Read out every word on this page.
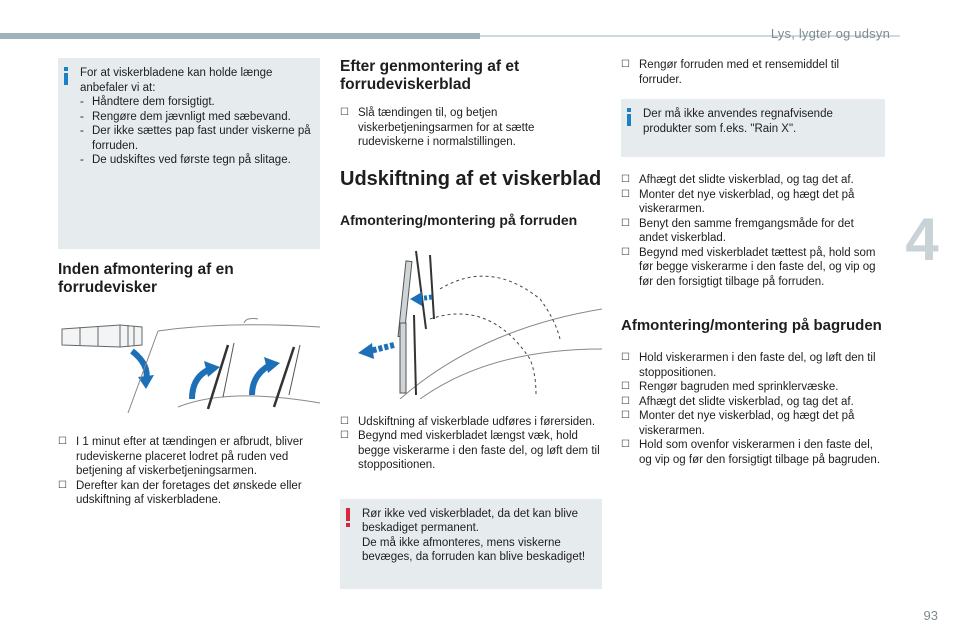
Lys, lygter og udsyn
4
93
For at viskerbladene kan holde længe anbefaler vi at:
- Håndtere dem forsigtigt.
- Rengøre dem jævnligt med sæbevand.
- Der ikke sættes pap fast under viskerne på forruden.
- De udskiftes ved første tegn på slitage.
Inden afmontering af en forrudevisker
☐ I 1 minut efter at tændingen er afbrudt, bliver rudeviskerne placeret lodret på ruden ved betjening af viskerbetjeningsarmen.
☐ Derefter kan der foretages det ønskede eller udskiftning af viskerbladene.
Efter genmontering af et forrudeviskerblad
☐ Slå tændingen til, og betjen viskerbetjeningsarmen for at sætte rudeviskerne i normalstillingen.
Udskiftning af et viskerblad
Afmontering/montering på forruden
☐ Udskiftning af viskerblade udføres i førersiden.
☐ Begynd med viskerbladet længst væk, hold begge viskerarme i den faste del, og løft dem til stoppositionen.
Rør ikke ved viskerbladet, da det kan blive beskadiget permanent.
De må ikke afmonteres, mens viskerne bevæges, da forruden kan blive beskadiget!
☐ Rengør forruden med et rensemiddel til forruder.
Der må ikke anvendes regnafvisende produkter som f.eks. "Rain X".
☐ Afhægt det slidte viskerblad, og tag det af.
☐ Monter det nye viskerblad, og hægt det på viskerarmen.
☐ Benyt den samme fremgangsmåde for det andet viskerblad.
☐ Begynd med viskerbladet tættest på, hold som før begge viskerarme i den faste del, og vip og før den forsigtigt tilbage på forruden.
Afmontering/montering på bagruden
☐ Hold viskerarmen i den faste del, og løft den til stoppositionen.
☐ Rengør bagruden med sprinklervæske.
☐ Afhægt det slidte viskerblad, og tag det af.
☐ Monter det nye viskerblad, og hægt det på viskerarmen.
☐ Hold som ovenfor viskerarmen i den faste del, og vip og før den forsigtigt tilbage på bagruden.
